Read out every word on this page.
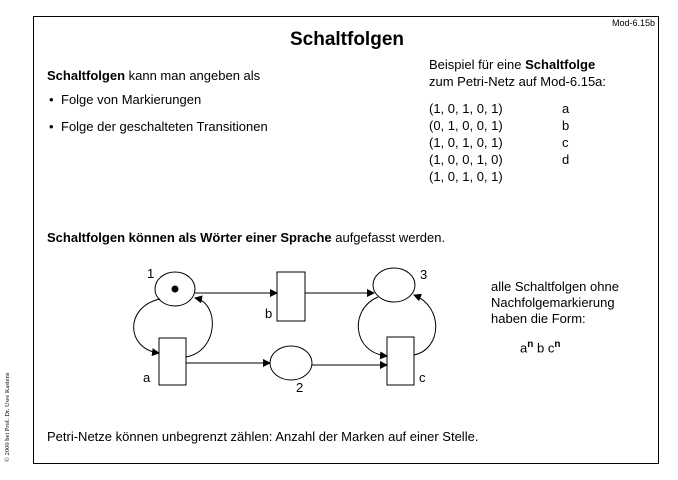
Mod-6.15b
Schaltfolgen
Schaltfolgen kann man angeben als
• Folge von Markierungen
• Folge der geschalteten Transitionen
Beispiel für eine Schaltfolge
zum Petri-Netz auf Mod-6.15a:
(1, 0, 1, 0, 1)	a
(0, 1, 0, 0, 1)	b
(1, 0, 1, 0, 1)	c
(1, 0, 0, 1, 0)	d
(1, 0, 1, 0, 1)
Schaltfolgen können als Wörter einer Sprache aufgefasst werden.
1
2
3
a
b
c
alle Schaltfolgen ohne
Nachfolgemarkierung
haben die Form:
$a^n$ b $c^n$
Petri-Netze können unbegrenzt zählen: Anzahl der Marken auf einer Stelle.
© 2000 bei Prof. Dr. Uwe Kastens
